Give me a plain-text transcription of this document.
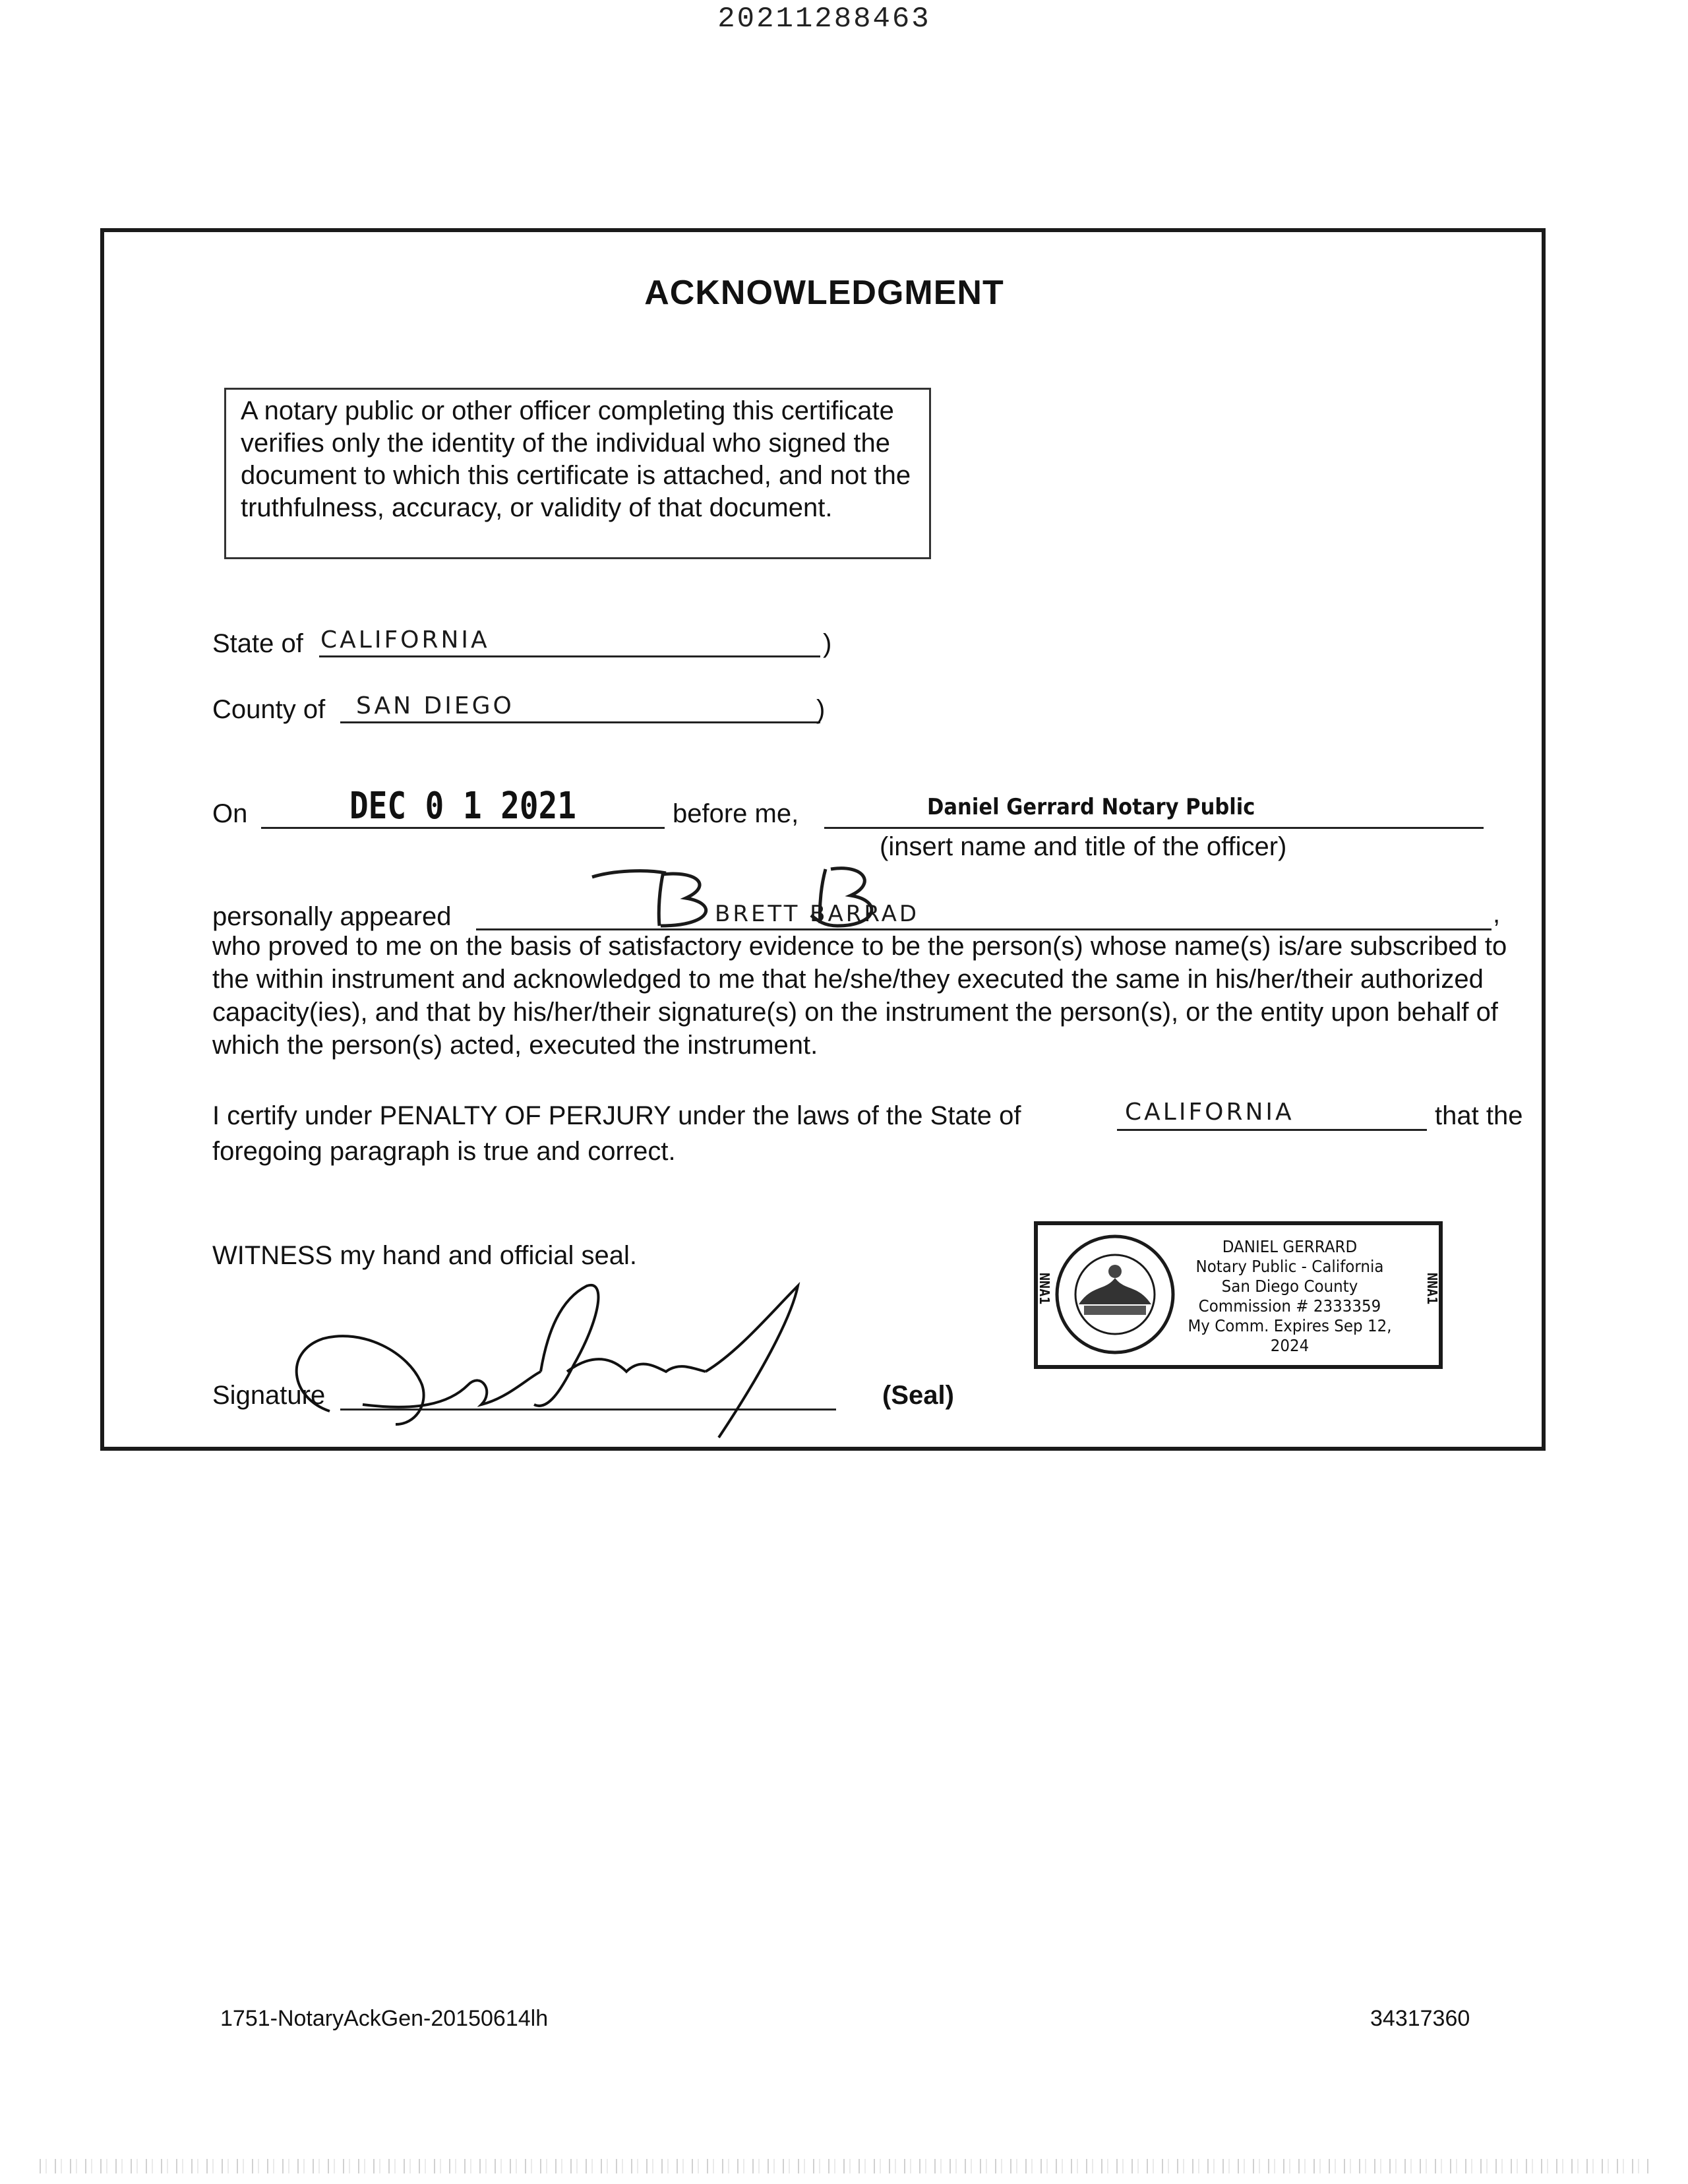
20211288463
ACKNOWLEDGMENT
A notary public or other officer completing this certificate verifies only the identity of the individual who signed the document to which this certificate is attached, and not the truthfulness, accuracy, or validity of that document.
State of CALIFORNIA	)
County of SAN DIEGO	)
On	DEC 0 1 2021	before me,	Daniel Gerrard Notary Public
(insert name and title of the officer)
personally appeared	BRETT BARRAD	,
who proved to me on the basis of satisfactory evidence to be the person(s) whose name(s) is/are subscribed to the within instrument and acknowledged to me that he/she/they executed the same in his/her/their authorized capacity(ies), and that by his/her/their signature(s) on the instrument the person(s), or the entity upon behalf of which the person(s) acted, executed the instrument.
I certify under PENALTY OF PERJURY under the laws of the State of	CALIFORNIA	that the
foregoing paragraph is true and correct.
WITNESS my hand and official seal.
Signature	(Seal)
NNA1	NNA1
DANIEL GERRARD
Notary Public - California
San Diego County
Commission # 2333359
My Comm. Expires Sep 12, 2024
1751-NotaryAckGen-20150614lh	34317360
